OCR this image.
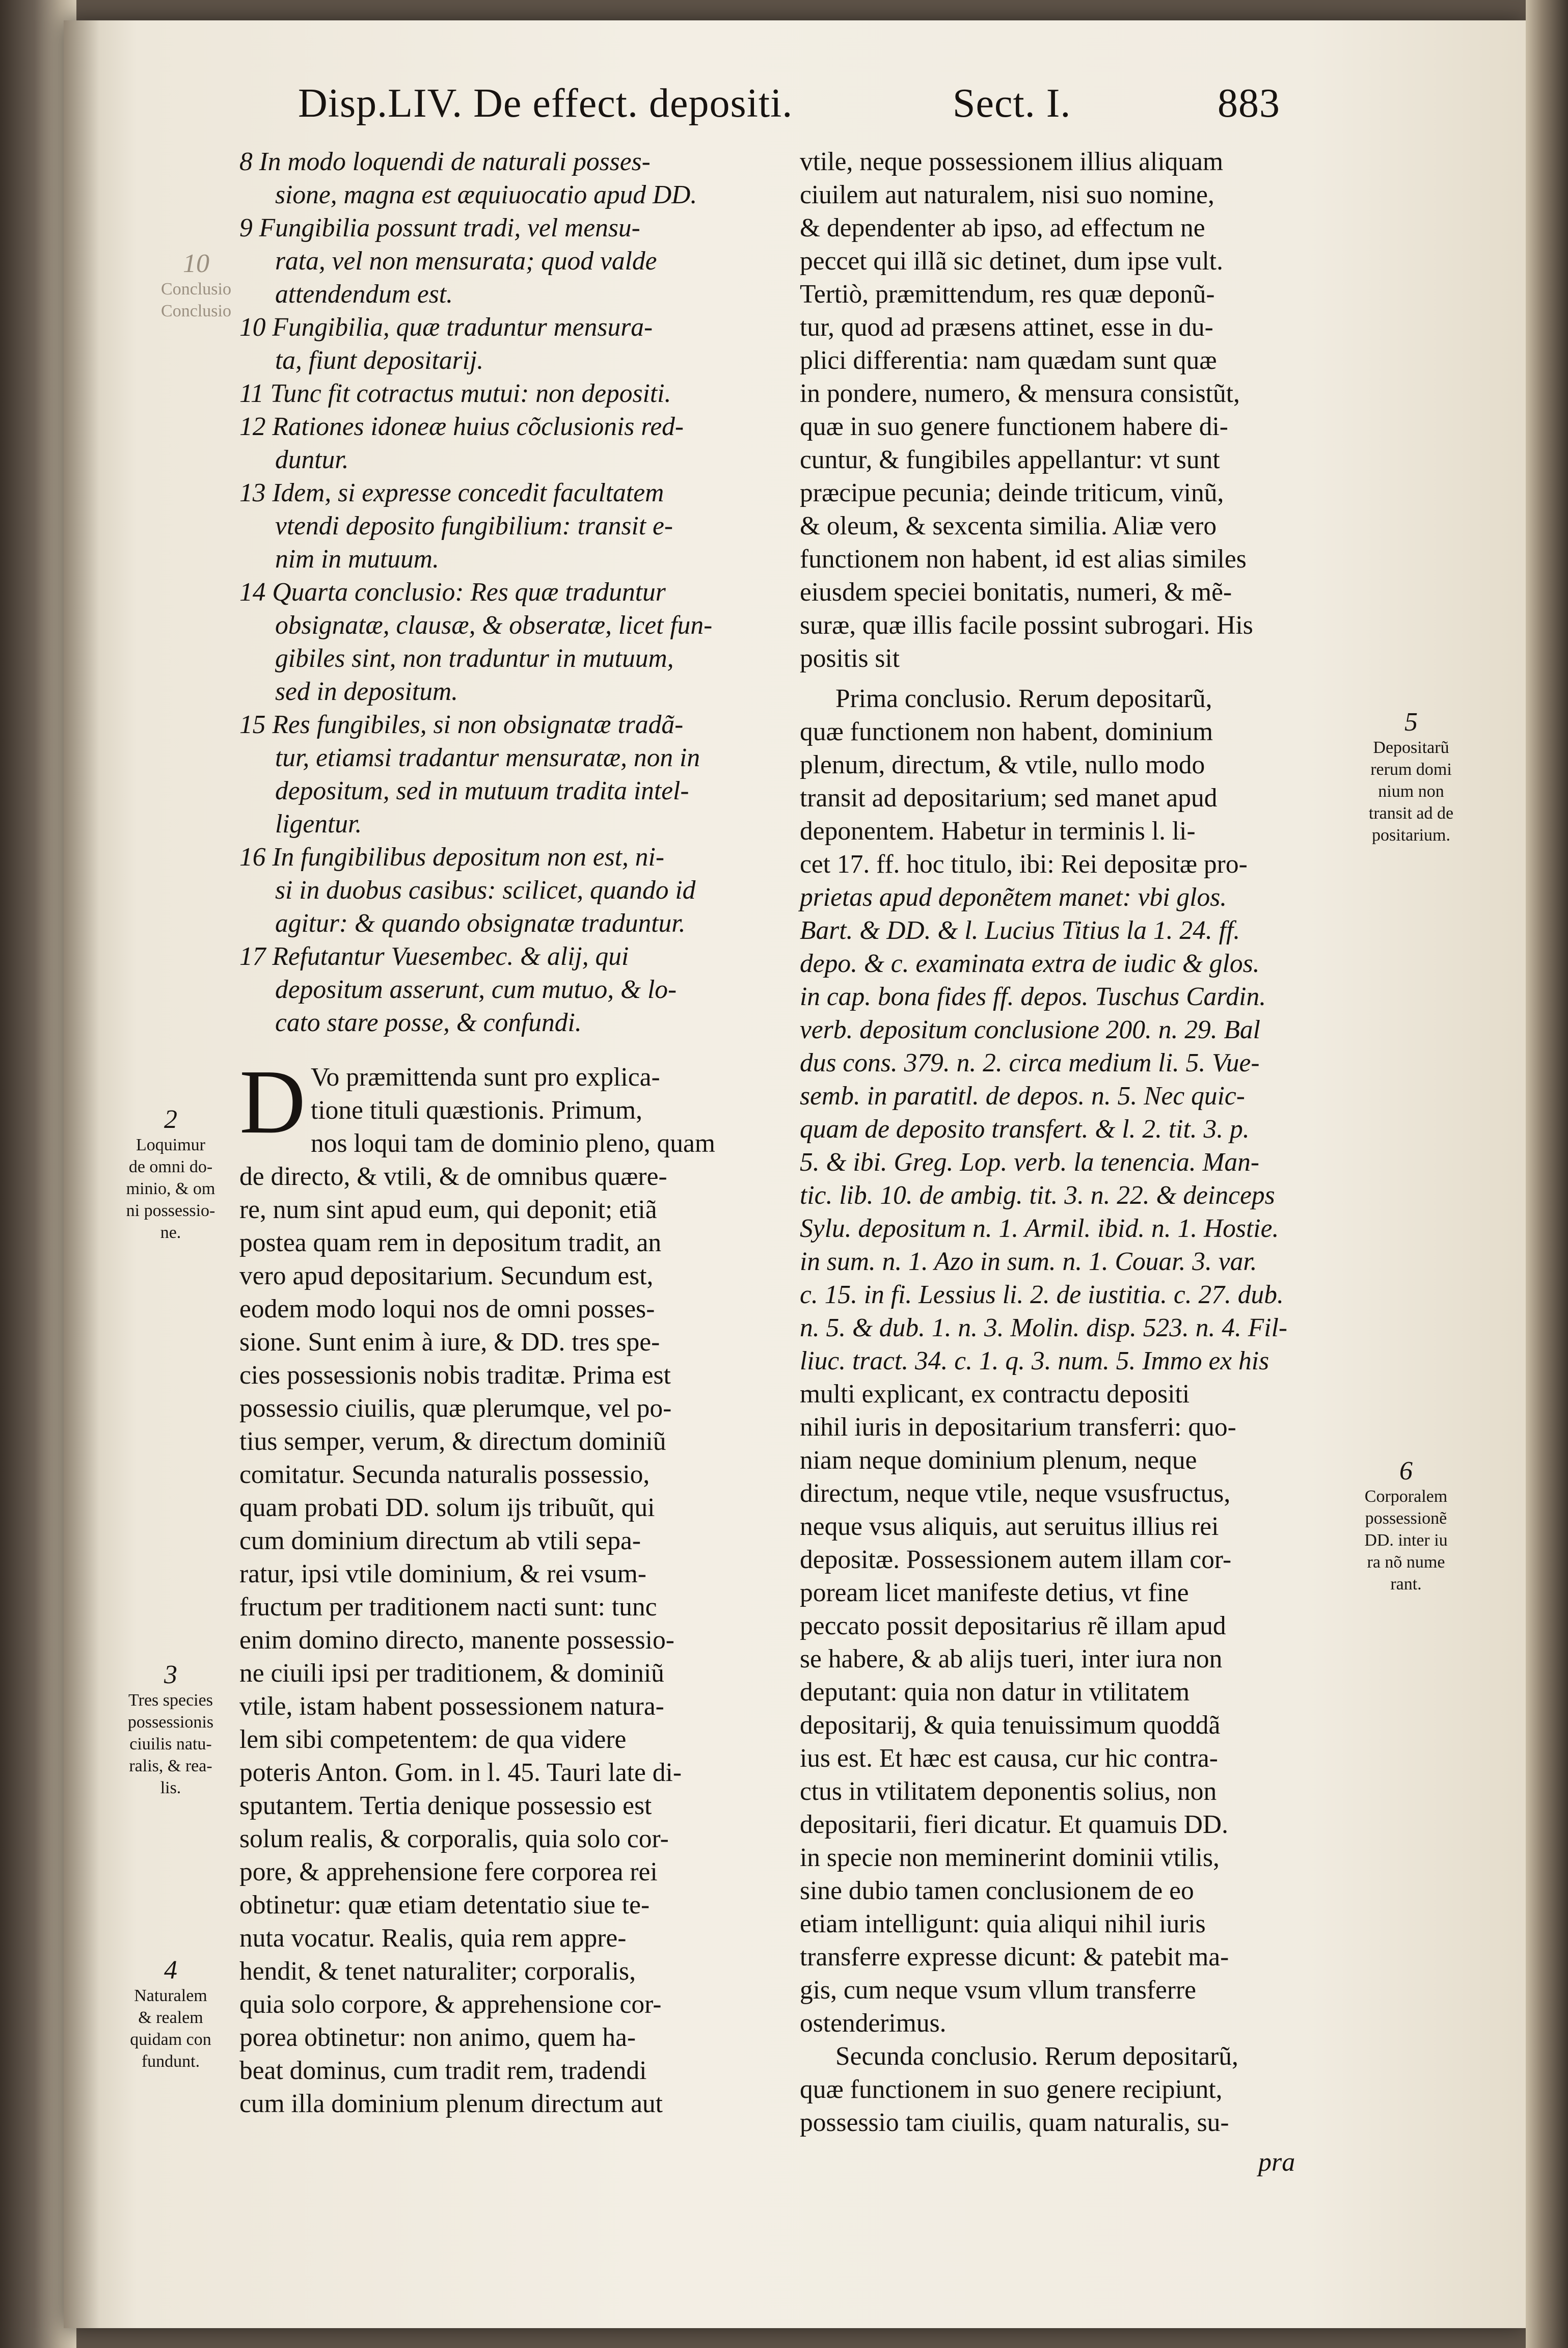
Disp.LIV. De effect. depositi.	Sect. I.	883
8 In modo loquendi de naturali posses-
sione, magna est æquiuocatio apud DD.
9 Fungibilia possunt tradi, vel mensu-
rata, vel non mensurata; quod valde
attendendum est.
10 Fungibilia, quæ traduntur mensura-
ta, fiunt depositarij.
11 Tunc fit cotractus mutui: non depositi.
12 Rationes idoneæ huius cõclusionis red-
duntur.
13 Idem, si expresse concedit facultatem
vtendi deposito fungibilium: transit e-
nim in mutuum.
14 Quarta conclusio: Res quæ traduntur
obsignatæ, clausæ, & obseratæ, licet fun-
gibiles sint, non traduntur in mutuum,
sed in depositum.
15 Res fungibiles, si non obsignatæ tradã-
tur, etiamsi tradantur mensuratæ, non in
depositum, sed in mutuum tradita intel-
ligentur.
16 In fungibilibus depositum non est, ni-
si in duobus casibus: scilicet, quando id
agitur: & quando obsignatæ traduntur.
17 Refutantur Vuesembec. & alij, qui
depositum asserunt, cum mutuo, & lo-
cato stare posse, & confundi.
D Vo præmittenda sunt pro explica-
tione tituli quæstionis. Primum,
nos loqui tam de dominio pleno, quam
de directo, & vtili, & de omnibus quære-
re, num sint apud eum, qui deponit; etiã
postea quam rem in depositum tradit, an
vero apud depositarium. Secundum est,
eodem modo loqui nos de omni posses-
sione. Sunt enim à iure, & DD. tres spe-
cies possessionis nobis traditæ. Prima est
possessio ciuilis, quæ plerumque, vel po-
tius semper, verum, & directum dominiũ
comitatur. Secunda naturalis possessio,
quam probati DD. solum ijs tribuũt, qui
cum dominium directum ab vtili sepa-
ratur, ipsi vtile dominium, & rei vsum-
fructum per traditionem nacti sunt: tunc
enim domino directo, manente possessio-
ne ciuili ipsi per traditionem, & dominiũ
vtile, istam habent possessionem natura-
lem sibi competentem: de qua videre
poteris Anton. Gom. in l. 45. Tauri late di-
sputantem. Tertia denique possessio est
solum realis, & corporalis, quia solo cor-
pore, & apprehensione fere corporea rei
obtinetur: quæ etiam detentatio siue te-
nuta vocatur. Realis, quia rem appre-
hendit, & tenet naturaliter; corporalis,
quia solo corpore, & apprehensione cor-
porea obtinetur: non animo, quem ha-
beat dominus, cum tradit rem, tradendi
cum illa dominium plenum directum aut
vtile, neque possessionem illius aliquam
ciuilem aut naturalem, nisi suo nomine,
& dependenter ab ipso, ad effectum ne
peccet qui illã sic detinet, dum ipse vult.
Tertiò, præmittendum, res quæ deponũ-
tur, quod ad præsens attinet, esse in du-
plici differentia: nam quædam sunt quæ
in pondere, numero, & mensura consistũt,
quæ in suo genere functionem habere di-
cuntur, & fungibiles appellantur: vt sunt
præcipue pecunia; deinde triticum, vinũ,
& oleum, & sexcenta similia. Aliæ vero
functionem non habent, id est alias similes
eiusdem speciei bonitatis, numeri, & mẽ-
suræ, quæ illis facile possint subrogari. His
positis sit
Prima conclusio. Rerum depositarũ,
quæ functionem non habent, dominium
plenum, directum, & vtile, nullo modo
transit ad depositarium; sed manet apud
deponentem. Habetur in terminis l. li-
cet 17. ff. hoc titulo, ibi: Rei depositæ pro-
prietas apud deponẽtem manet: vbi glos.
Bart. & DD. & l. Lucius Titius la 1. 24. ff.
depo. & c. examinata extra de iudic & glos.
in cap. bona fides ff. depos. Tuschus Cardin.
verb. depositum conclusione 200. n. 29. Bal
dus cons. 379. n. 2. circa medium li. 5. Vue-
semb. in paratitl. de depos. n. 5. Nec quic-
quam de deposito transfert. & l. 2. tit. 3. p.
5. & ibi. Greg. Lop. verb. la tenencia. Man-
tic. lib. 10. de ambig. tit. 3. n. 22. & deinceps
Sylu. depositum n. 1. Armil. ibid. n. 1. Hostie.
in sum. n. 1. Azo in sum. n. 1. Couar. 3. var.
c. 15. in fi. Lessius li. 2. de iustitia. c. 27. dub.
n. 5. & dub. 1. n. 3. Molin. disp. 523. n. 4. Fil-
liuc. tract. 34. c. 1. q. 3. num. 5. Immo ex his
multi explicant, ex contractu depositi
nihil iuris in depositarium transferri: quo-
niam neque dominium plenum, neque
directum, neque vtile, neque vsusfructus,
neque vsus aliquis, aut seruitus illius rei
depositæ. Possessionem autem illam cor-
poream licet manifeste detius, vt fine
peccato possit depositarius rẽ illam apud
se habere, & ab alijs tueri, inter iura non
deputant: quia non datur in vtilitatem
depositarij, & quia tenuissimum quoddã
ius est. Et hæc est causa, cur hic contra-
ctus in vtilitatem deponentis solius, non
depositarii, fieri dicatur. Et quamuis DD.
in specie non meminerint dominii vtilis,
sine dubio tamen conclusionem de eo
etiam intelligunt: quia aliqui nihil iuris
transferre expresse dicunt: & patebit ma-
gis, cum neque vsum vllum transferre
ostenderimus.
Secunda conclusio. Rerum depositarũ,
quæ functionem in suo genere recipiunt,
possessio tam ciuilis, quam naturalis, su-
pra
2
Loquimur
de omni do-
minio, & om
ni possessio-
ne.
3
Tres species
possessionis
ciuilis natu-
ralis, & rea-
lis.
4
Naturalem
& realem
quidam con
fundunt.
5
Depositarũ
rerum domi
nium non
transit ad de
positarium.
6
Corporalem
possessionẽ
DD. inter iu
ra nõ nume
rant.
10
Conclusio
Conclusio
